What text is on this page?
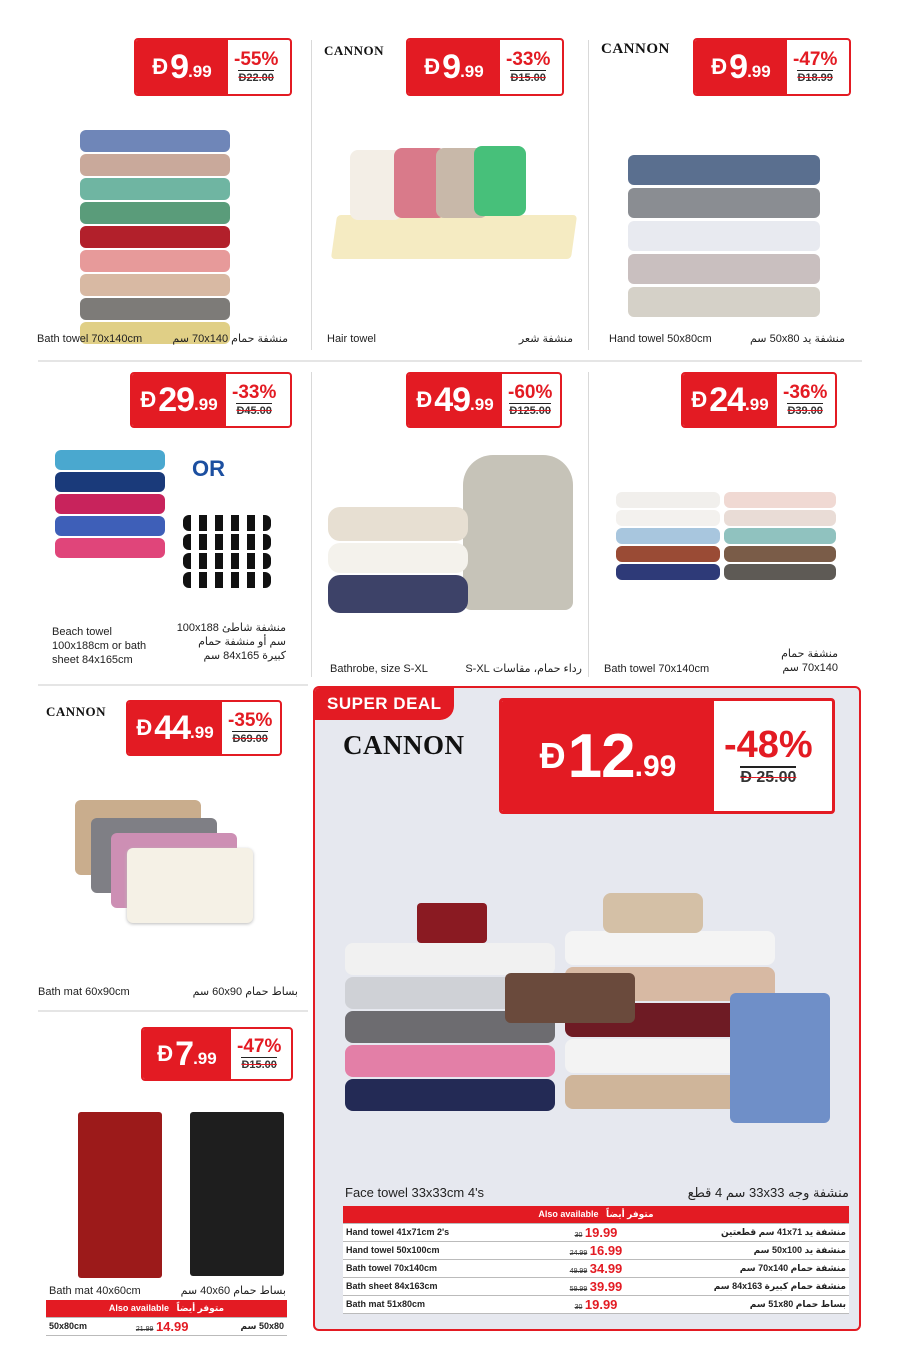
Đ 9 .99
-55%
Đ22.00
Bath towel 70x140cm	منشفة حمام 70x140 سم
CANNON
Đ 9 .99
-33%
Đ15.00
Hair towel	منشفة شعر
CANNON
Đ 9 .99
-47%
Đ18.99
Hand towel 50x80cm	منشفة يد 50x80 سم
Đ 29 .99
-33%
Đ45.00
OR
Beach towel 100x188cm or bath sheet 84x165cm
منشفة شاطئ 100x188 سم أو منشفة حمام كبيرة 84x165 سم
Đ 49 .99
-60%
Đ125.00
Bathrobe, size S-XL	رداء حمام، مقاسات S-XL
Đ 24 .99
-36%
Đ39.00
Bath towel 70x140cm
منشفة حمام 70x140 سم
CANNON
Đ 44 .99
-35%
Đ69.00
Bath mat 60x90cm	بساط حمام 60x90 سم
Đ 7 .99
-47%
Đ15.00
Bath mat 40x60cm	بساط حمام 40x60 سم
Also available متوفر أيضاً
50x80cm	21.99 14.99	50x80 سم
SUPER DEAL
CANNON Đ 12 .99
-48%
Đ 25.00
Face towel 33x33cm 4's	منشفة وجه 33x33 سم 4 قطع
Also available متوفر أيضاً		
Hand towel 41x71cm 2's	30 19.99	منشفة يد 41x71 سم قطعتين
Hand towel 50x100cm	24.99 16.99	منشفة يد 50x100 سم
Bath towel 70x140cm	49.99 34.99	منشفة حمام 70x140 سم
Bath sheet 84x163cm	59.99 39.99	منشفة حمام كبيرة 84x163 سم
Bath mat 51x80cm	30 19.99	بساط حمام 51x80 سم
